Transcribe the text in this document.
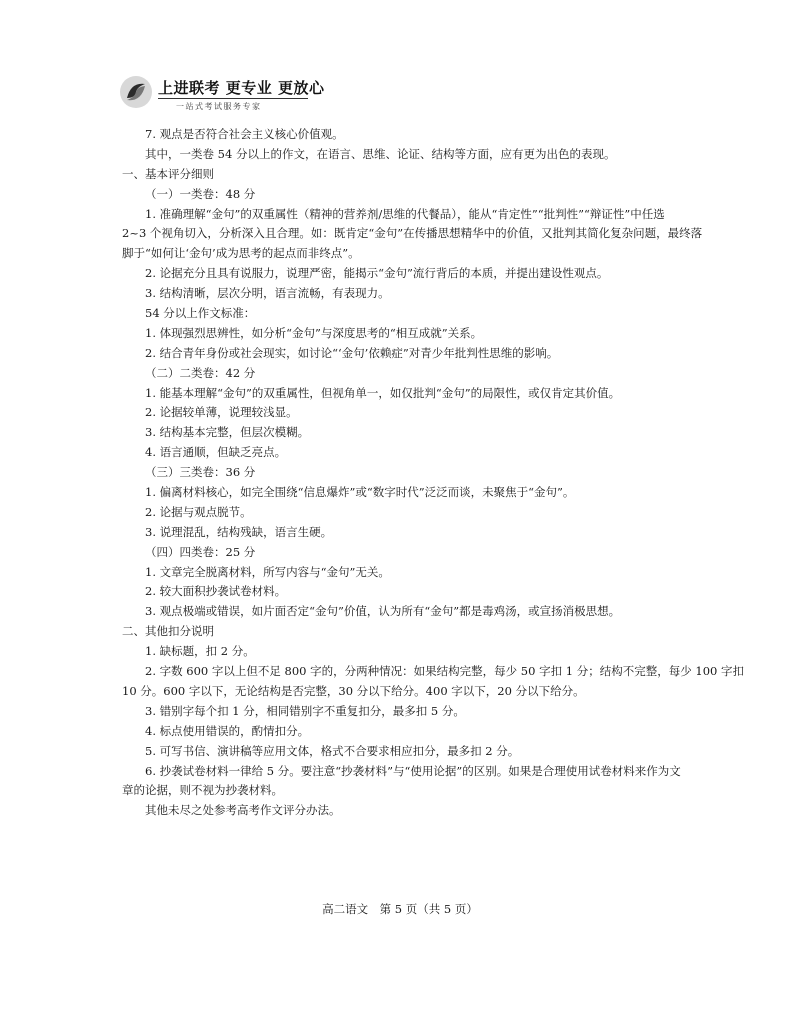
上进联考 更专业 更放心
一站式考试服务专家
7. 观点是否符合社会主义核心价值观。
其中，一类卷 54 分以上的作文，在语言、思维、论证、结构等方面，应有更为出色的表现。
一、基本评分细则
（一）一类卷：48 分
1. 准确理解“金句”的双重属性（精神的营养剂/思维的代餐品），能从“肯定性”“批判性”“辩证性”中任选
2~3 个视角切入，分析深入且合理。如：既肯定“金句”在传播思想精华中的价值，又批判其简化复杂问题，最终落
脚于“如何让‘金句’成为思考的起点而非终点”。
2. 论据充分且具有说服力，说理严密，能揭示“金句”流行背后的本质，并提出建设性观点。
3. 结构清晰，层次分明，语言流畅，有表现力。
54 分以上作文标准：
1. 体现强烈思辨性，如分析“金句”与深度思考的“相互成就”关系。
2. 结合青年身份或社会现实，如讨论“‘金句’依赖症”对青少年批判性思维的影响。
（二）二类卷：42 分
1. 能基本理解“金句”的双重属性，但视角单一，如仅批判“金句”的局限性，或仅肯定其价值。
2. 论据较单薄，说理较浅显。
3. 结构基本完整，但层次模糊。
4. 语言通顺，但缺乏亮点。
（三）三类卷：36 分
1. 偏离材料核心，如完全围绕“信息爆炸”或“数字时代”泛泛而谈，未聚焦于“金句”。
2. 论据与观点脱节。
3. 说理混乱，结构残缺，语言生硬。
（四）四类卷：25 分
1. 文章完全脱离材料，所写内容与“金句”无关。
2. 较大面积抄袭试卷材料。
3. 观点极端或错误，如片面否定“金句”价值，认为所有“金句”都是毒鸡汤，或宣扬消极思想。
二、其他扣分说明
1. 缺标题，扣 2 分。
2. 字数 600 字以上但不足 800 字的，分两种情况：如果结构完整，每少 50 字扣 1 分；结构不完整，每少 100 字扣
10 分。600 字以下，无论结构是否完整，30 分以下给分。400 字以下，20 分以下给分。
3. 错别字每个扣 1 分，相同错别字不重复扣分，最多扣 5 分。
4. 标点使用错误的，酌情扣分。
5. 可写书信、演讲稿等应用文体，格式不合要求相应扣分，最多扣 2 分。
6. 抄袭试卷材料一律给 5 分。要注意“抄袭材料”与“使用论据”的区别。如果是合理使用试卷材料来作为文
章的论据，则不视为抄袭材料。
其他未尽之处参考高考作文评分办法。
高二语文　第 5 页（共 5 页）
